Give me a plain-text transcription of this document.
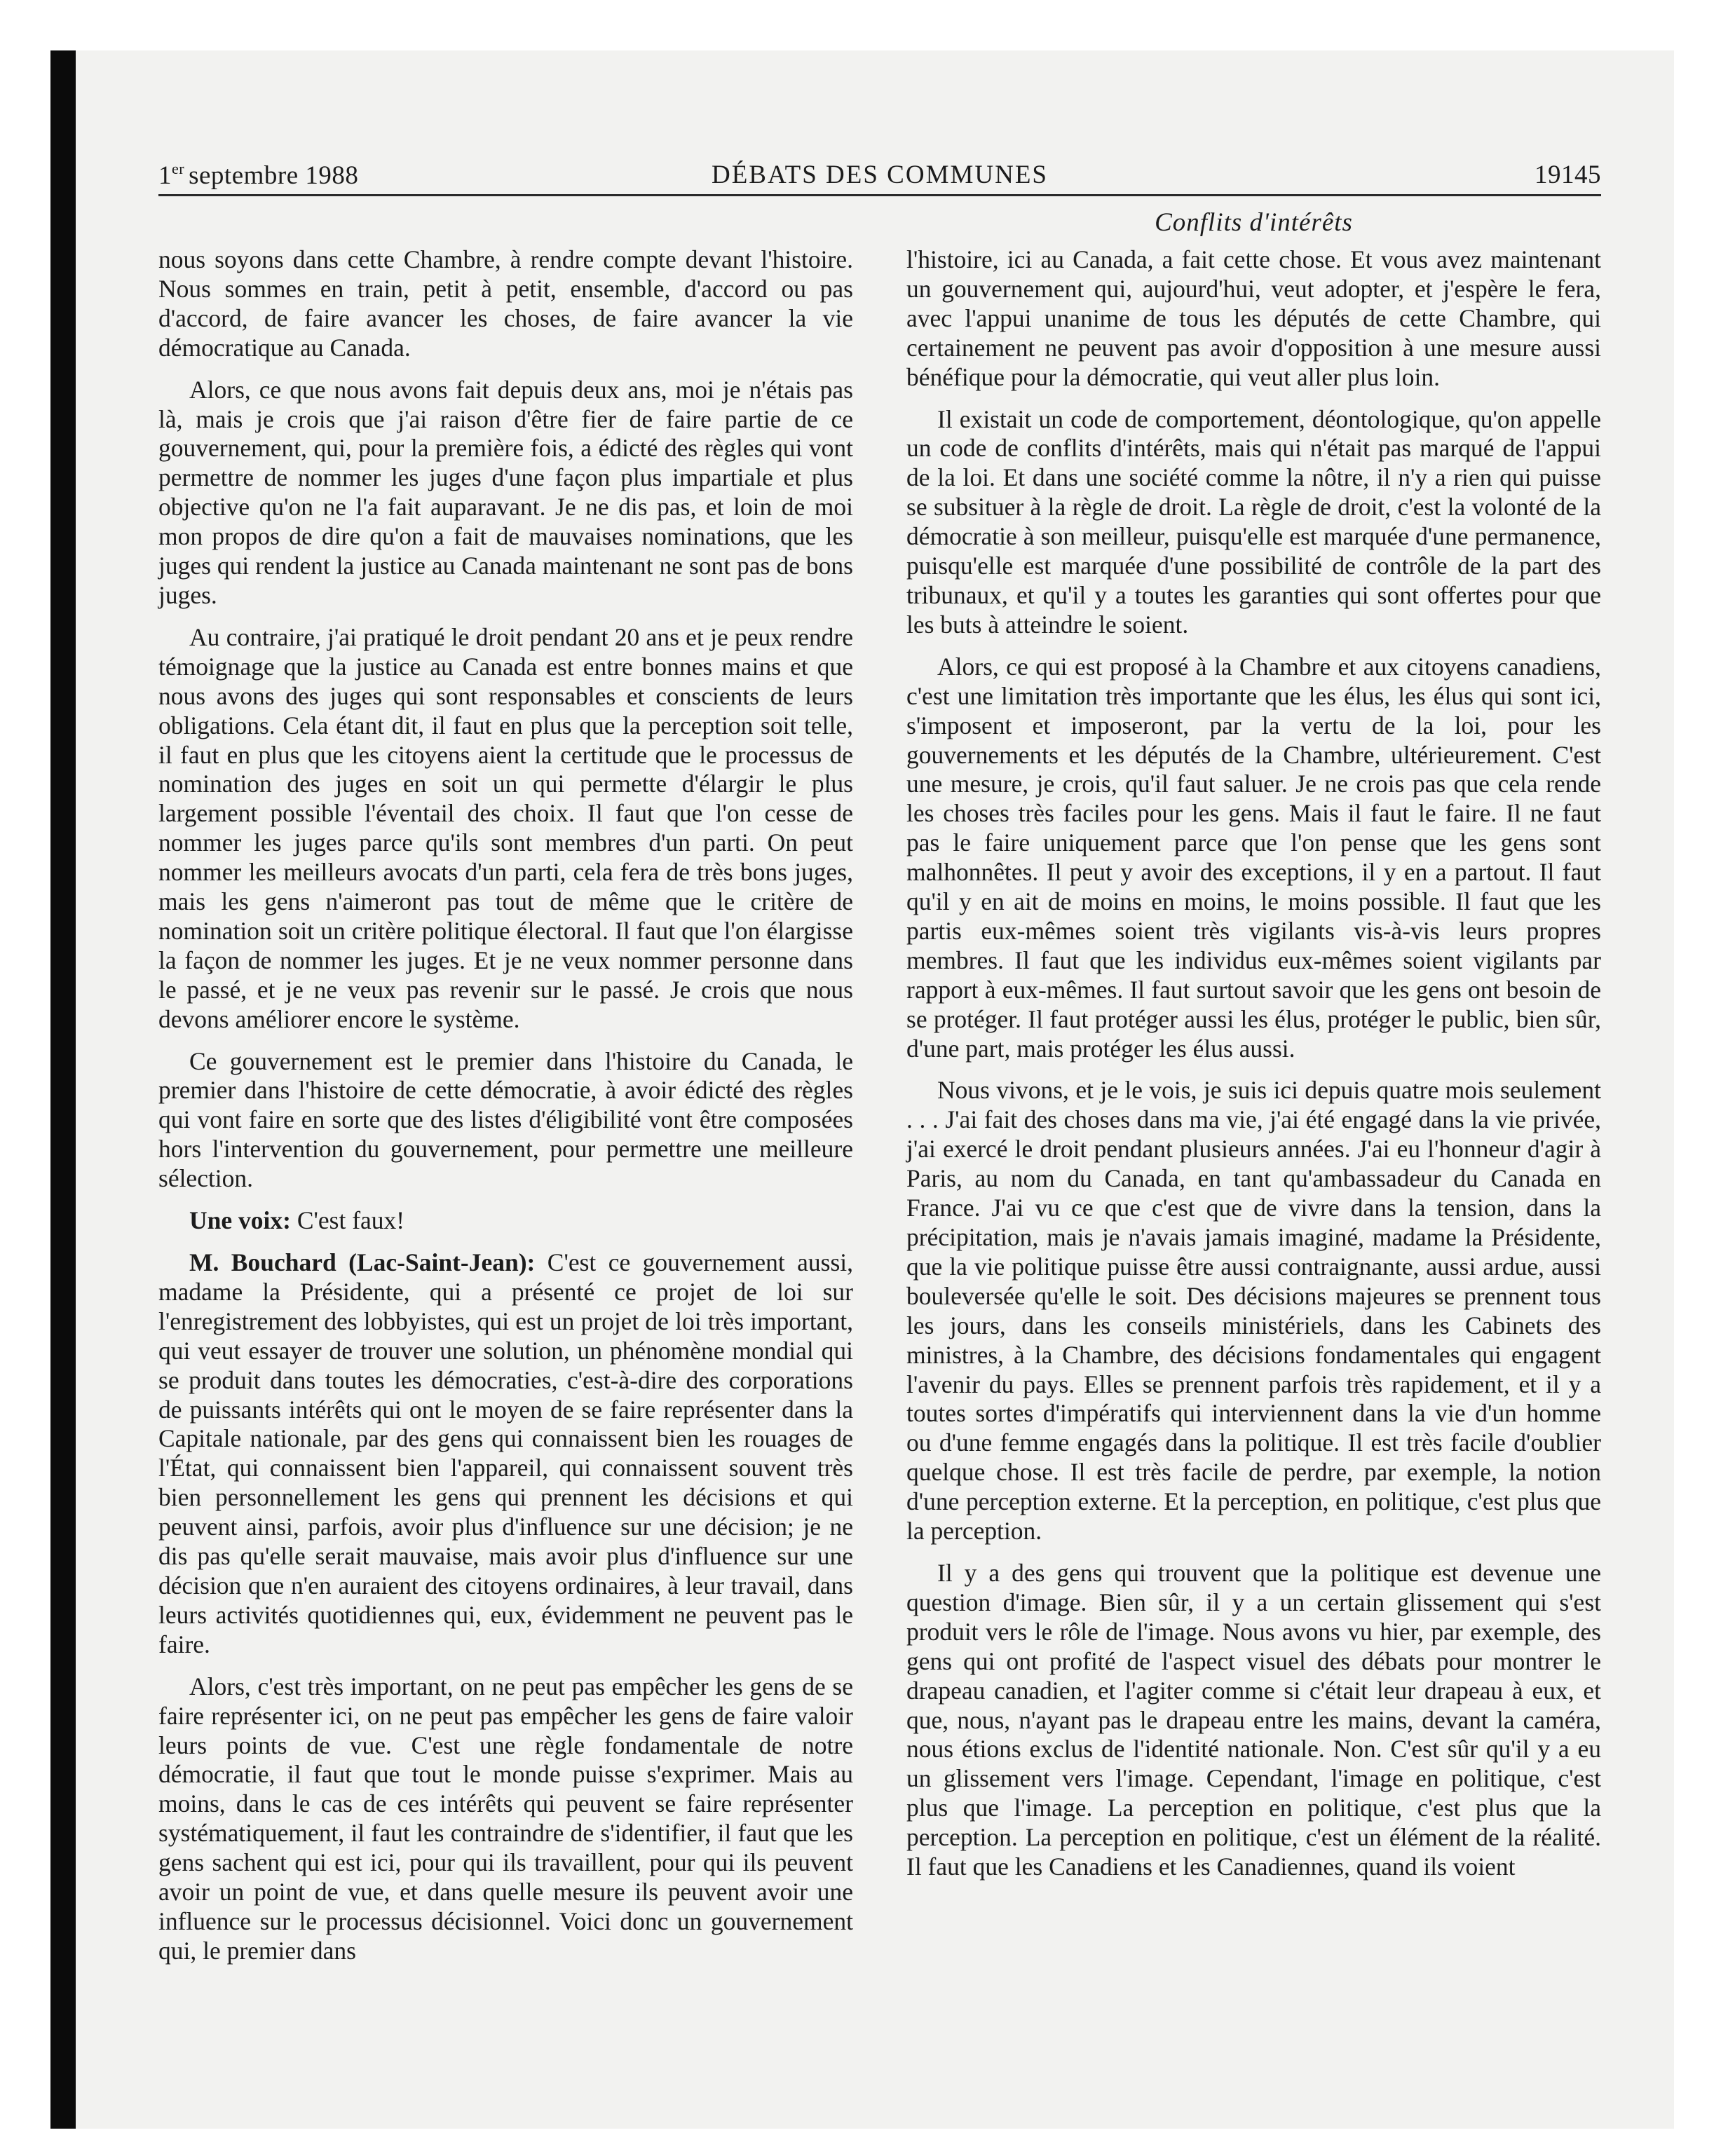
1er septembre 1988	DÉBATS DES COMMUNES	19145
Conflits d'intérêts

nous soyons dans cette Chambre, à rendre compte devant l'histoire. Nous sommes en train, petit à petit, ensemble, d'accord ou pas d'accord, de faire avancer les choses, de faire avancer la vie démocratique au Canada.

Alors, ce que nous avons fait depuis deux ans, moi je n'étais pas là, mais je crois que j'ai raison d'être fier de faire partie de ce gouvernement, qui, pour la première fois, a édicté des règles qui vont permettre de nommer les juges d'une façon plus impartiale et plus objective qu'on ne l'a fait auparavant. Je ne dis pas, et loin de moi mon propos de dire qu'on a fait de mauvaises nominations, que les juges qui rendent la justice au Canada maintenant ne sont pas de bons juges.

Au contraire, j'ai pratiqué le droit pendant 20 ans et je peux rendre témoignage que la justice au Canada est entre bonnes mains et que nous avons des juges qui sont responsables et conscients de leurs obligations. Cela étant dit, il faut en plus que la perception soit telle, il faut en plus que les citoyens aient la certitude que le processus de nomination des juges en soit un qui permette d'élargir le plus largement possible l'éventail des choix. Il faut que l'on cesse de nommer les juges parce qu'ils sont membres d'un parti. On peut nommer les meilleurs avocats d'un parti, cela fera de très bons juges, mais les gens n'aimeront pas tout de même que le critère de nomination soit un critère politique électoral. Il faut que l'on élargisse la façon de nommer les juges. Et je ne veux nommer personne dans le passé, et je ne veux pas revenir sur le passé. Je crois que nous devons améliorer encore le système.

Ce gouvernement est le premier dans l'histoire du Canada, le premier dans l'histoire de cette démocratie, à avoir édicté des règles qui vont faire en sorte que des listes d'éligibilité vont être composées hors l'intervention du gouvernement, pour permettre une meilleure sélection.

Une voix: C'est faux!

M. Bouchard (Lac-Saint-Jean): C'est ce gouvernement aussi, madame la Présidente, qui a présenté ce projet de loi sur l'enregistrement des lobbyistes, qui est un projet de loi très important, qui veut essayer de trouver une solution, un phénomène mondial qui se produit dans toutes les démocraties, c'est-à-dire des corporations de puissants intérêts qui ont le moyen de se faire représenter dans la Capitale nationale, par des gens qui connaissent bien les rouages de l'État, qui connaissent bien l'appareil, qui connaissent souvent très bien personnellement les gens qui prennent les décisions et qui peuvent ainsi, parfois, avoir plus d'influence sur une décision; je ne dis pas qu'elle serait mauvaise, mais avoir plus d'influence sur une décision que n'en auraient des citoyens ordinaires, à leur travail, dans leurs activités quotidiennes qui, eux, évidemment ne peuvent pas le faire.

Alors, c'est très important, on ne peut pas empêcher les gens de se faire représenter ici, on ne peut pas empêcher les gens de faire valoir leurs points de vue. C'est une règle fondamentale de notre démocratie, il faut que tout le monde puisse s'exprimer. Mais au moins, dans le cas de ces intérêts qui peuvent se faire représenter systématiquement, il faut les contraindre de s'identifier, il faut que les gens sachent qui est ici, pour qui ils travaillent, pour qui ils peuvent avoir un point de vue, et dans quelle mesure ils peuvent avoir une influence sur le processus décisionnel. Voici donc un gouvernement qui, le premier dans

l'histoire, ici au Canada, a fait cette chose. Et vous avez maintenant un gouvernement qui, aujourd'hui, veut adopter, et j'espère le fera, avec l'appui unanime de tous les députés de cette Chambre, qui certainement ne peuvent pas avoir d'opposition à une mesure aussi bénéfique pour la démocratie, qui veut aller plus loin.

Il existait un code de comportement, déontologique, qu'on appelle un code de conflits d'intérêts, mais qui n'était pas marqué de l'appui de la loi. Et dans une société comme la nôtre, il n'y a rien qui puisse se subsituer à la règle de droit. La règle de droit, c'est la volonté de la démocratie à son meilleur, puisqu'elle est marquée d'une permanence, puisqu'elle est marquée d'une possibilité de contrôle de la part des tribunaux, et qu'il y a toutes les garanties qui sont offertes pour que les buts à atteindre le soient.

Alors, ce qui est proposé à la Chambre et aux citoyens canadiens, c'est une limitation très importante que les élus, les élus qui sont ici, s'imposent et imposeront, par la vertu de la loi, pour les gouvernements et les députés de la Chambre, ultérieurement. C'est une mesure, je crois, qu'il faut saluer. Je ne crois pas que cela rende les choses très faciles pour les gens. Mais il faut le faire. Il ne faut pas le faire uniquement parce que l'on pense que les gens sont malhonnêtes. Il peut y avoir des exceptions, il y en a partout. Il faut qu'il y en ait de moins en moins, le moins possible. Il faut que les partis eux-mêmes soient très vigilants vis-à-vis leurs propres membres. Il faut que les individus eux-mêmes soient vigilants par rapport à eux-mêmes. Il faut surtout savoir que les gens ont besoin de se protéger. Il faut protéger aussi les élus, protéger le public, bien sûr, d'une part, mais protéger les élus aussi.

Nous vivons, et je le vois, je suis ici depuis quatre mois seulement . . . J'ai fait des choses dans ma vie, j'ai été engagé dans la vie privée, j'ai exercé le droit pendant plusieurs années. J'ai eu l'honneur d'agir à Paris, au nom du Canada, en tant qu'ambassadeur du Canada en France. J'ai vu ce que c'est que de vivre dans la tension, dans la précipitation, mais je n'avais jamais imaginé, madame la Présidente, que la vie politique puisse être aussi contraignante, aussi ardue, aussi bouleversée qu'elle le soit. Des décisions majeures se prennent tous les jours, dans les conseils ministériels, dans les Cabinets des ministres, à la Chambre, des décisions fondamentales qui engagent l'avenir du pays. Elles se prennent parfois très rapidement, et il y a toutes sortes d'impératifs qui interviennent dans la vie d'un homme ou d'une femme engagés dans la politique. Il est très facile d'oublier quelque chose. Il est très facile de perdre, par exemple, la notion d'une perception externe. Et la perception, en politique, c'est plus que la perception.

Il y a des gens qui trouvent que la politique est devenue une question d'image. Bien sûr, il y a un certain glissement qui s'est produit vers le rôle de l'image. Nous avons vu hier, par exemple, des gens qui ont profité de l'aspect visuel des débats pour montrer le drapeau canadien, et l'agiter comme si c'était leur drapeau à eux, et que, nous, n'ayant pas le drapeau entre les mains, devant la caméra, nous étions exclus de l'identité nationale. Non. C'est sûr qu'il y a eu un glissement vers l'image. Cependant, l'image en politique, c'est plus que l'image. La perception en politique, c'est plus que la perception. La perception en politique, c'est un élément de la réalité. Il faut que les Canadiens et les Canadiennes, quand ils voient
